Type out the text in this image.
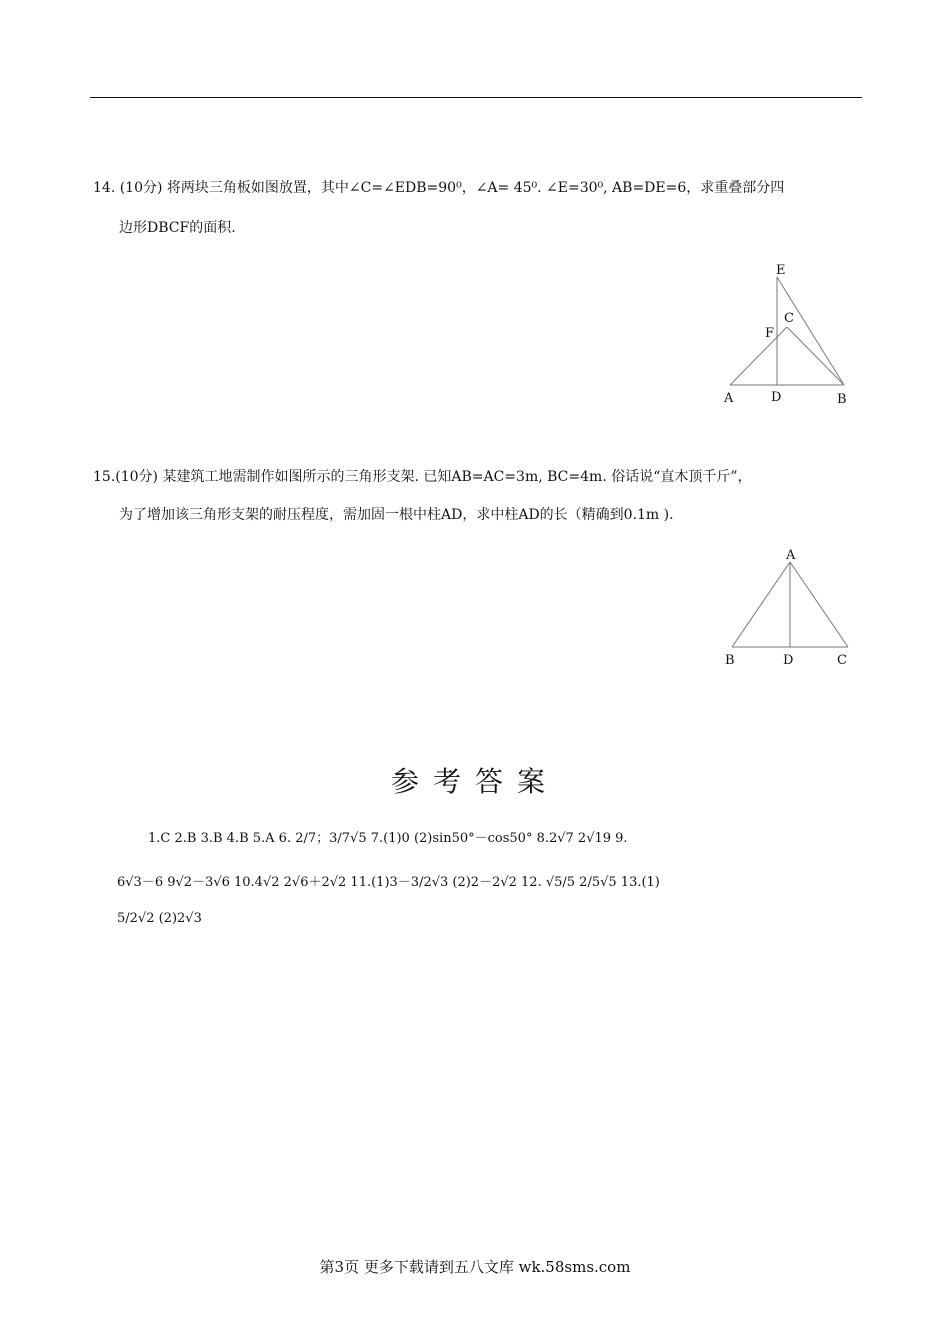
14. (10分) 将两块三角板如图放置，其中∠C=∠EDB=90⁰，∠A= 45⁰. ∠E=30⁰, AB=DE=6，求重叠部分四
边形DBCF的面积.
E
C
F
A	D	B
15.(10分) 某建筑工地需制作如图所示的三角形支架. 已知AB=AC=3m, BC=4m. 俗话说“直木顶千斤”，
为了增加该三角形支架的耐压程度，需加固一根中柱AD，求中柱AD的长（精确到0.1m ).
A
B	D	C
参考答案
1.C 2.B 3.B 4.B 5.A 6. 2/7；3/7√5 7.(1)0 (2)sin50°－cos50° 8.2√7 2√19 9.
6√3－6 9√2－3√6 10.4√2 2√6＋2√2 11.(1)3－3/2√3 (2)2－2√2 12. √5/5 2/5√5 13.(1)
5/2√2 (2)2√3
第3页 更多下载请到五八文库 wk.58sms.com
